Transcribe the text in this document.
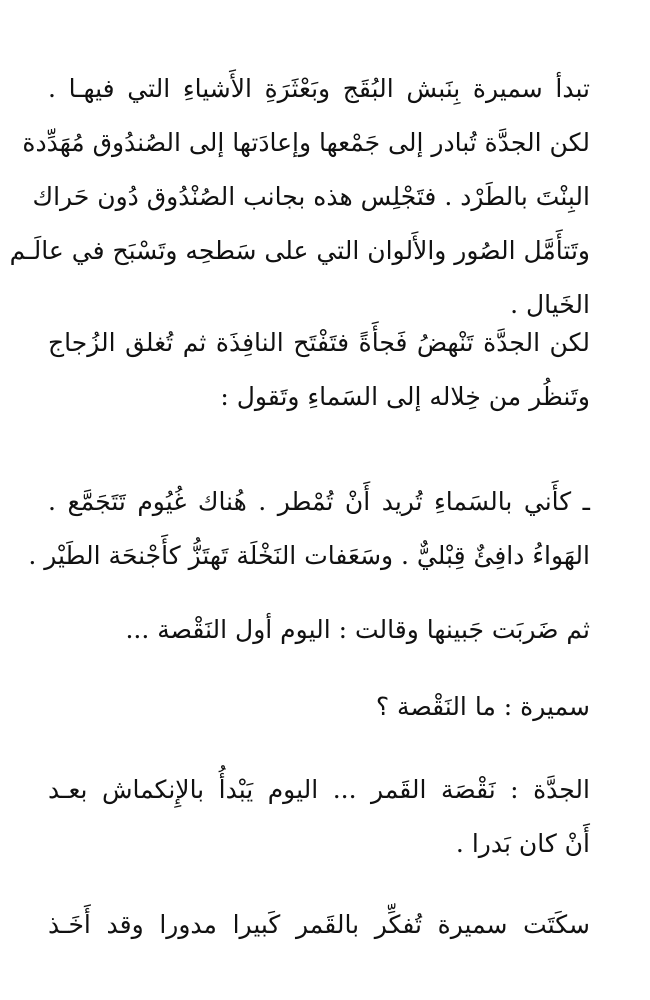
تبدأ سميرة بِنَبش البُقَج وبَعْثَرَةِ الأَشياءِ التي فيهـا .
لكن الجدَّة تُبادر إلى جَمْعها وإعادَتها إلى الصُندُوق مُهَدِّدة
البِنْتَ بالطَرْد . فتَجْلِس هذه بجانب الصُنْدُوق دُون حَراك
وتَتأَمَّل الصُور والأَلوان التي على سَطحِه وتَسْبَح في عالَـم
الخَيال .

لكن الجدَّة تَنْهضُ فَجأَةً فتَفْتَح النافِذَة ثم تُغلق الزُجاج
وتَنظُر من خِلاله إلى السَماءِ وتَقول :

ـ كأَني بالسَماءِ تُريد أَنْ تُمْطر . هُناك غُيُوم تَتَجَمَّع .
الهَواءُ دافِئٌ قِبْليٌّ . وسَعَفات النَخْلَة تَهتَزُّ كأَجْنحَة الطَيْر .

ثم ضَربَت جَبينها وقالت : اليوم أول النَقْصة ...

سميرة : ما النَقْصة ؟

الجدَّة : نَقْصَة القَمر ... اليوم يَبْدأُ بالإِنكماش بعـد
أَنْ كان بَدرا .

سكَتَت سميرة تُفكِّر بالقَمر كَبيرا مدورا وقد أَخَـذ
